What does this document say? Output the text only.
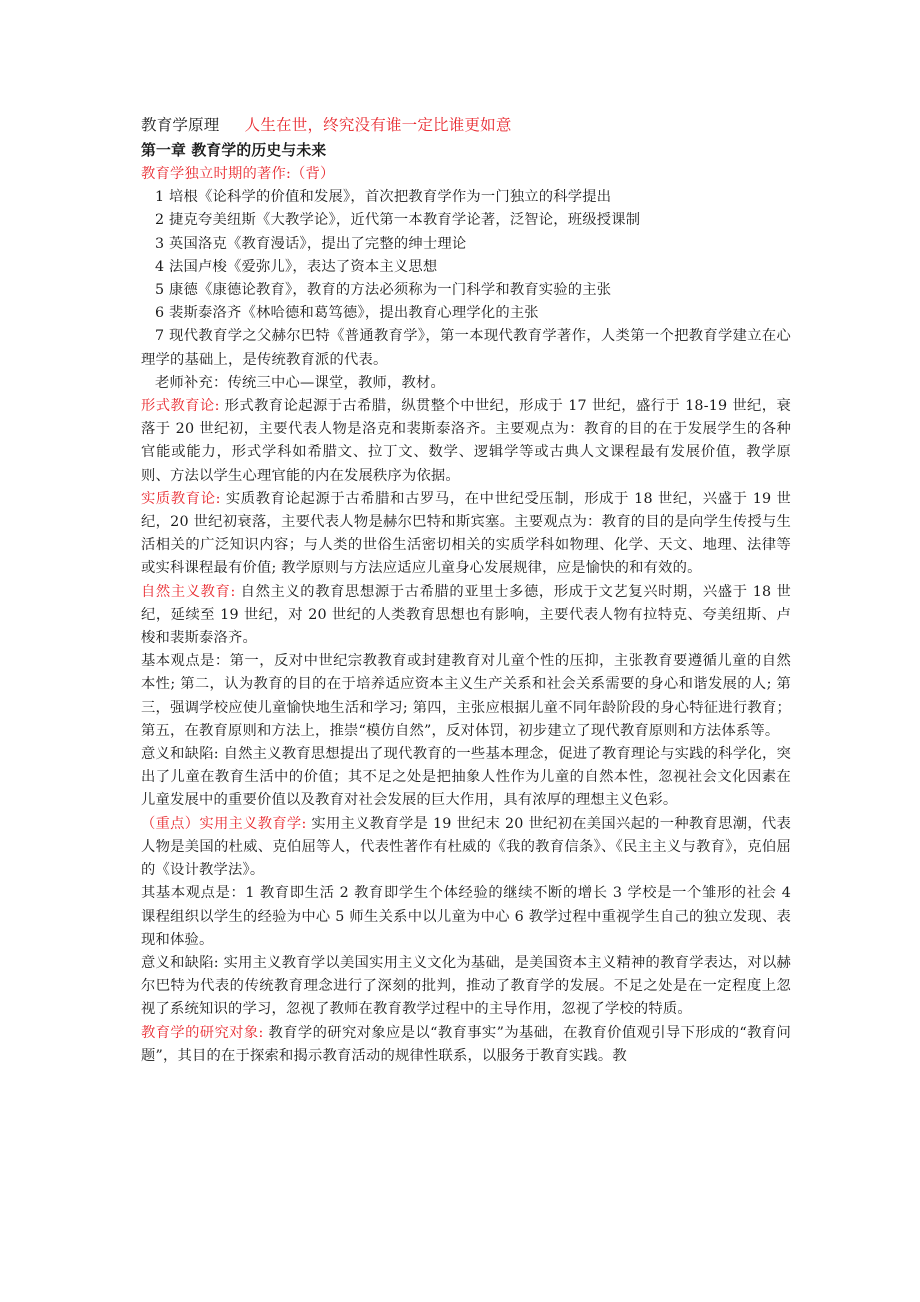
教育学原理 人生在世，终究没有谁一定比谁更如意
第一章 教育学的历史与未来
教育学独立时期的著作:（背）
1 培根《论科学的价值和发展》，首次把教育学作为一门独立的科学提出
2 捷克夸美纽斯《大教学论》，近代第一本教育学论著，泛智论，班级授课制
3 英国洛克《教育漫话》，提出了完整的绅士理论
4 法国卢梭《爱弥儿》，表达了资本主义思想
5 康德《康德论教育》，教育的方法必须称为一门科学和教育实验的主张
6 裴斯泰洛齐《林哈德和葛笃德》，提出教育心理学化的主张
7 现代教育学之父赫尔巴特《普通教育学》，第一本现代教育学著作，人类第一个把教育学建立在心理学的基础上，是传统教育派的代表。
老师补充：传统三中心—课堂，教师，教材。
形式教育论: 形式教育论起源于古希腊，纵贯整个中世纪，形成于 17 世纪，盛行于 18-19 世纪，衰落于 20 世纪初，主要代表人物是洛克和裴斯泰洛齐。主要观点为：教育的目的在于发展学生的各种官能或能力，形式学科如希腊文、拉丁文、数学、逻辑学等或古典人文课程最有发展价值，教学原则、方法以学生心理官能的内在发展秩序为依据。
实质教育论: 实质教育论起源于古希腊和古罗马，在中世纪受压制，形成于 18 世纪，兴盛于 19 世纪，20 世纪初衰落，主要代表人物是赫尔巴特和斯宾塞。主要观点为：教育的目的是向学生传授与生活相关的广泛知识内容；与人类的世俗生活密切相关的实质学科如物理、化学、天文、地理、法律等或实科课程最有价值; 教学原则与方法应适应儿童身心发展规律，应是愉快的和有效的。
自然主义教育: 自然主义的教育思想源于古希腊的亚里士多德，形成于文艺复兴时期，兴盛于 18 世纪，延续至 19 世纪，对 20 世纪的人类教育思想也有影响，主要代表人物有拉特克、夸美纽斯、卢梭和裴斯泰洛齐。
基本观点是：第一，反对中世纪宗教教育或封建教育对儿童个性的压抑，主张教育要遵循儿童的自然本性; 第二，认为教育的目的在于培养适应资本主义生产关系和社会关系需要的身心和谐发展的人; 第三，强调学校应使儿童愉快地生活和学习; 第四，主张应根据儿童不同年龄阶段的身心特征进行教育；第五，在教育原则和方法上，推崇“模仿自然”，反对体罚，初步建立了现代教育原则和方法体系等。
意义和缺陷: 自然主义教育思想提出了现代教育的一些基本理念，促进了教育理论与实践的科学化，突出了儿童在教育生活中的价值；其不足之处是把抽象人性作为儿童的自然本性，忽视社会文化因素在儿童发展中的重要价值以及教育对社会发展的巨大作用，具有浓厚的理想主义色彩。
（重点）实用主义教育学: 实用主义教育学是 19 世纪末 20 世纪初在美国兴起的一种教育思潮，代表人物是美国的杜威、克伯屈等人，代表性著作有杜威的《我的教育信条》、《民主主义与教育》，克伯屈的《设计教学法》。
其基本观点是：1 教育即生活 2 教育即学生个体经验的继续不断的增长 3 学校是一个雏形的社会 4 课程组织以学生的经验为中心 5 师生关系中以儿童为中心 6 教学过程中重视学生自己的独立发现、表现和体验。
意义和缺陷: 实用主义教育学以美国实用主义文化为基础，是美国资本主义精神的教育学表达，对以赫尔巴特为代表的传统教育理念进行了深刻的批判，推动了教育学的发展。不足之处是在一定程度上忽视了系统知识的学习，忽视了教师在教育教学过程中的主导作用，忽视了学校的特质。
教育学的研究对象: 教育学的研究对象应是以“教育事实”为基础，在教育价值观引导下形成的“教育问题”，其目的在于探索和揭示教育活动的规律性联系，以服务于教育实践。教
